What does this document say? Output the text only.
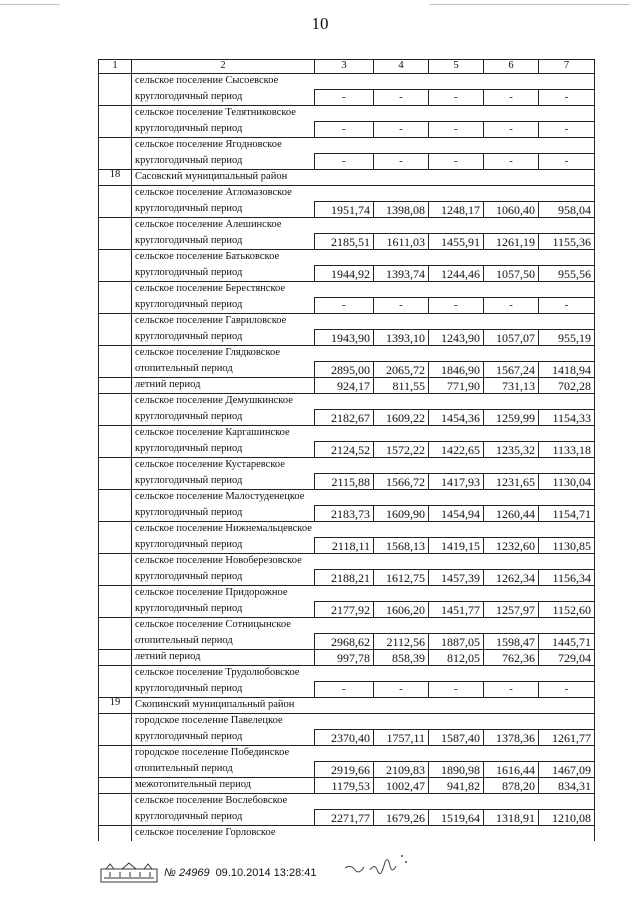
10
1	2	3	4	5	6	7
	сельское поселение Сысоевское					
	круглогодичный период	-	-	-	-	-
	сельское поселение Телятниковское					
	круглогодичный период	-	-	-	-	-
	сельское поселение Ягодновское					
	круглогодичный период	-	-	-	-	-
18	Сасовский муниципальный район					
	сельское поселение Агломазовское					
	круглогодичный период	1951,74	1398,08	1248,17	1060,40	958,04
	сельское поселение Алешинское					
	круглогодичный период	2185,51	1611,03	1455,91	1261,19	1155,36
	сельское поселение Батьковское					
	круглогодичный период	1944,92	1393,74	1244,46	1057,50	955,56
	сельское поселение Берестянское					
	круглогодичный период	-	-	-	-	-
	сельское поселение Гавриловское					
	круглогодичный период	1943,90	1393,10	1243,90	1057,07	955,19
	сельское поселение Глядковское					
	отопительный период	2895,00	2065,72	1846,90	1567,24	1418,94
	летний период	924,17	811,55	771,90	731,13	702,28
	сельское поселение Демушкинское					
	круглогодичный период	2182,67	1609,22	1454,36	1259,99	1154,33
	сельское поселение Каргашинское					
	круглогодичный период	2124,52	1572,22	1422,65	1235,32	1133,18
	сельское поселение Кустаревское					
	круглогодичный период	2115,88	1566,72	1417,93	1231,65	1130,04
	сельское поселение Малостуденецкое					
	круглогодичный период	2183,73	1609,90	1454,94	1260,44	1154,71
	сельское поселение Нижнемальцевское					
	круглогодичный период	2118,11	1568,13	1419,15	1232,60	1130,85
	сельское поселение Новоберезовское					
	круглогодичный период	2188,21	1612,75	1457,39	1262,34	1156,34
	сельское поселение Придорожное					
	круглогодичный период	2177,92	1606,20	1451,77	1257,97	1152,60
	сельское поселение Сотницынское					
	отопительный период	2968,62	2112,56	1887,05	1598,47	1445,71
	летний период	997,78	858,39	812,05	762,36	729,04
	сельское поселение Трудолюбовское					
	круглогодичный период	-	-	-	-	-
19	Скопинский муниципальный район					
	городское поселение Павелецкое					
	круглогодичный период	2370,40	1757,11	1587,40	1378,36	1261,77
	городское поселение Побединское					
	отопительный период	2919,66	2109,83	1890,98	1616,44	1467,09
	межотопительный период	1179,53	1002,47	941,82	878,20	834,31
	сельское поселение Вослебовское					
	круглогодичный период	2271,77	1679,26	1519,64	1318,91	1210,08
	сельское поселение Горловское					
№ 24969 09.10.2014 13:28:41
